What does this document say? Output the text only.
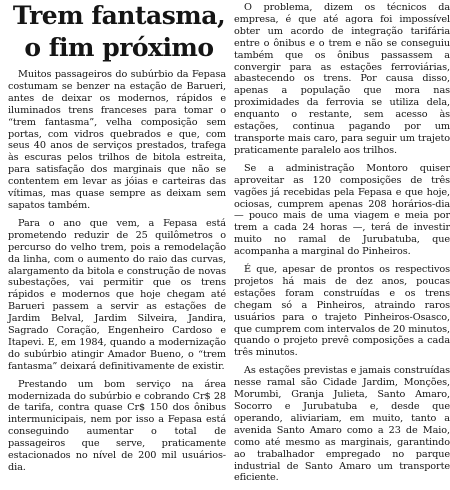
Trem fantasma,
o fim próximo

Muitos passageiros do subúrbio da Fepasa costumam se benzer na estação de Barueri, antes de deixar os modernos, rápidos e iluminados trens franceses para tomar o “trem fantasma”, velha composição sem portas, com vidros quebrados e que, com seus 40 anos de serviços prestados, trafega às escuras pelos trilhos de bitola estreita, para satisfação dos marginais que não se contentem em levar as jóias e carteiras das vítimas, mas quase sempre as deixam sem sapatos também.

Para o ano que vem, a Fepasa está prometendo reduzir de 25 quilômetros o percurso do velho trem, pois a remodelação da linha, com o aumento do raio das curvas, alargamento da bitola e construção de novas subestações, vai permitir que os trens rápidos e modernos que hoje chegam até Barueri passem a servir as estações de Jardim Belval, Jardim Silveira, Jandira, Sagrado Coração, Engenheiro Cardoso e Itapevi. E, em 1984, quando a modernização do subúrbio atingir Amador Bueno, o “trem fantasma” deixará definitivamente de existir.

Prestando um bom serviço na área modernizada do subúrbio e cobrando Cr$ 28 de tarifa, contra quase Cr$ 150 dos ônibus intermunicipais, nem por isso a Fepasa está conseguindo aumentar o total de passageiros que serve, praticamente estacionados no nível de 200 mil usuários-dia.

O problema, dizem os técnicos da empresa, é que até agora foi impossível obter um acordo de integração tarifária entre o ônibus e o trem e não se conseguiu também que os ônibus passassem a convergir para as estações ferroviárias, abastecendo os trens. Por causa disso, apenas a população que mora nas proximidades da ferrovia se utiliza dela, enquanto o restante, sem acesso às estações, continua pagando por um transporte mais caro, para seguir um trajeto praticamente paralelo aos trilhos.

Se a administração Montoro quiser aproveitar as 120 composições de três vagões já recebidas pela Fepasa e que hoje, ociosas, cumprem apenas 208 horários-dia — pouco mais de uma viagem e meia por trem a cada 24 horas —, terá de investir muito no ramal de Jurubatuba, que acompanha a marginal do Pinheiros.

É que, apesar de prontos os respectivos projetos há mais de dez anos, poucas estações foram construídas e os trens chegam só a Pinheiros, atraindo raros usuários para o trajeto Pinheiros-Osasco, que cumprem com intervalos de 20 minutos, quando o projeto prevê composições a cada três minutos.

As estações previstas e jamais construídas nesse ramal são Cidade Jardim, Monções, Morumbi, Granja Julieta, Santo Amaro, Socorro e Jurubatuba e, desde que operando, aliviariam, em muito, tanto a avenida Santo Amaro como a 23 de Maio, como até mesmo as marginais, garantindo ao trabalhador empregado no parque industrial de Santo Amaro um transporte eficiente.
